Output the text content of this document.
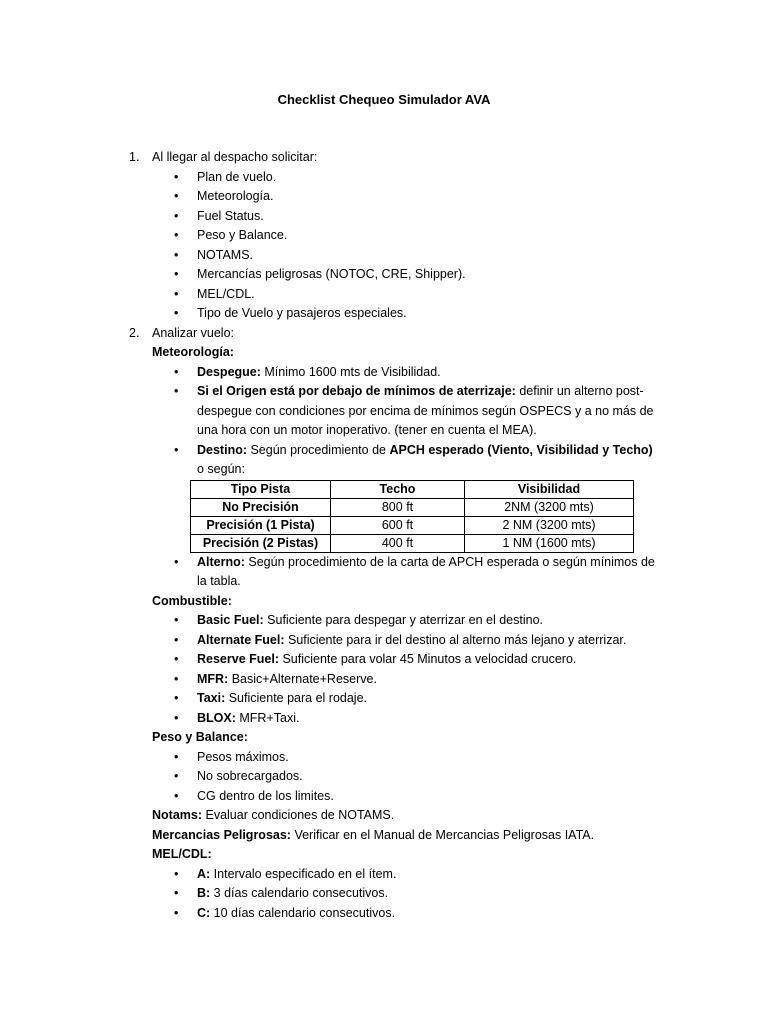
Checklist Chequeo Simulador AVA
1. Al llegar al despacho solicitar:
• Plan de vuelo.
• Meteorología.
• Fuel Status.
• Peso y Balance.
• NOTAMS.
• Mercancías peligrosas (NOTOC, CRE, Shipper).
• MEL/CDL.
• Tipo de Vuelo y pasajeros especiales.
2. Analizar vuelo:
Meteorología:
• Despegue: Mínimo 1600 mts de Visibilidad.
•	Si el Origen está por debajo de mínimos de aterrizaje: definir un alterno post-despegue con condiciones por encima de mínimos según OSPECS y a no más de una hora con un motor inoperativo. (tener en cuenta el MEA).
•	Destino: Según procedimiento de APCH esperado (Viento, Visibilidad y Techo) o según:
Tipo Pista	Techo	Visibilidad
No Precisión	800 ft	2NM (3200 mts)
Precisión (1 Pista)	600 ft	2 NM (3200 mts)
Precisión (2 Pistas)	400 ft	1 NM (1600 mts)
•	Alterno: Según procedimiento de la carta de APCH esperada o según mínimos de la tabla.
Combustible:
• Basic Fuel: Suficiente para despegar y aterrizar en el destino.
• Alternate Fuel: Suficiente para ir del destino al alterno más lejano y aterrizar.
• Reserve Fuel: Suficiente para volar 45 Minutos a velocidad crucero.
• MFR: Basic+Alternate+Reserve.
• Taxi: Suficiente para el rodaje.
• BLOX: MFR+Taxi.
Peso y Balance:
• Pesos máximos.
• No sobrecargados.
• CG dentro de los limites.
Notams: Evaluar condiciones de NOTAMS.
Mercancias Peligrosas: Verificar en el Manual de Mercancias Peligrosas IATA.
MEL/CDL:
• A: Intervalo especificado en el ítem.
• B: 3 días calendario consecutivos.
• C: 10 días calendario consecutivos.
